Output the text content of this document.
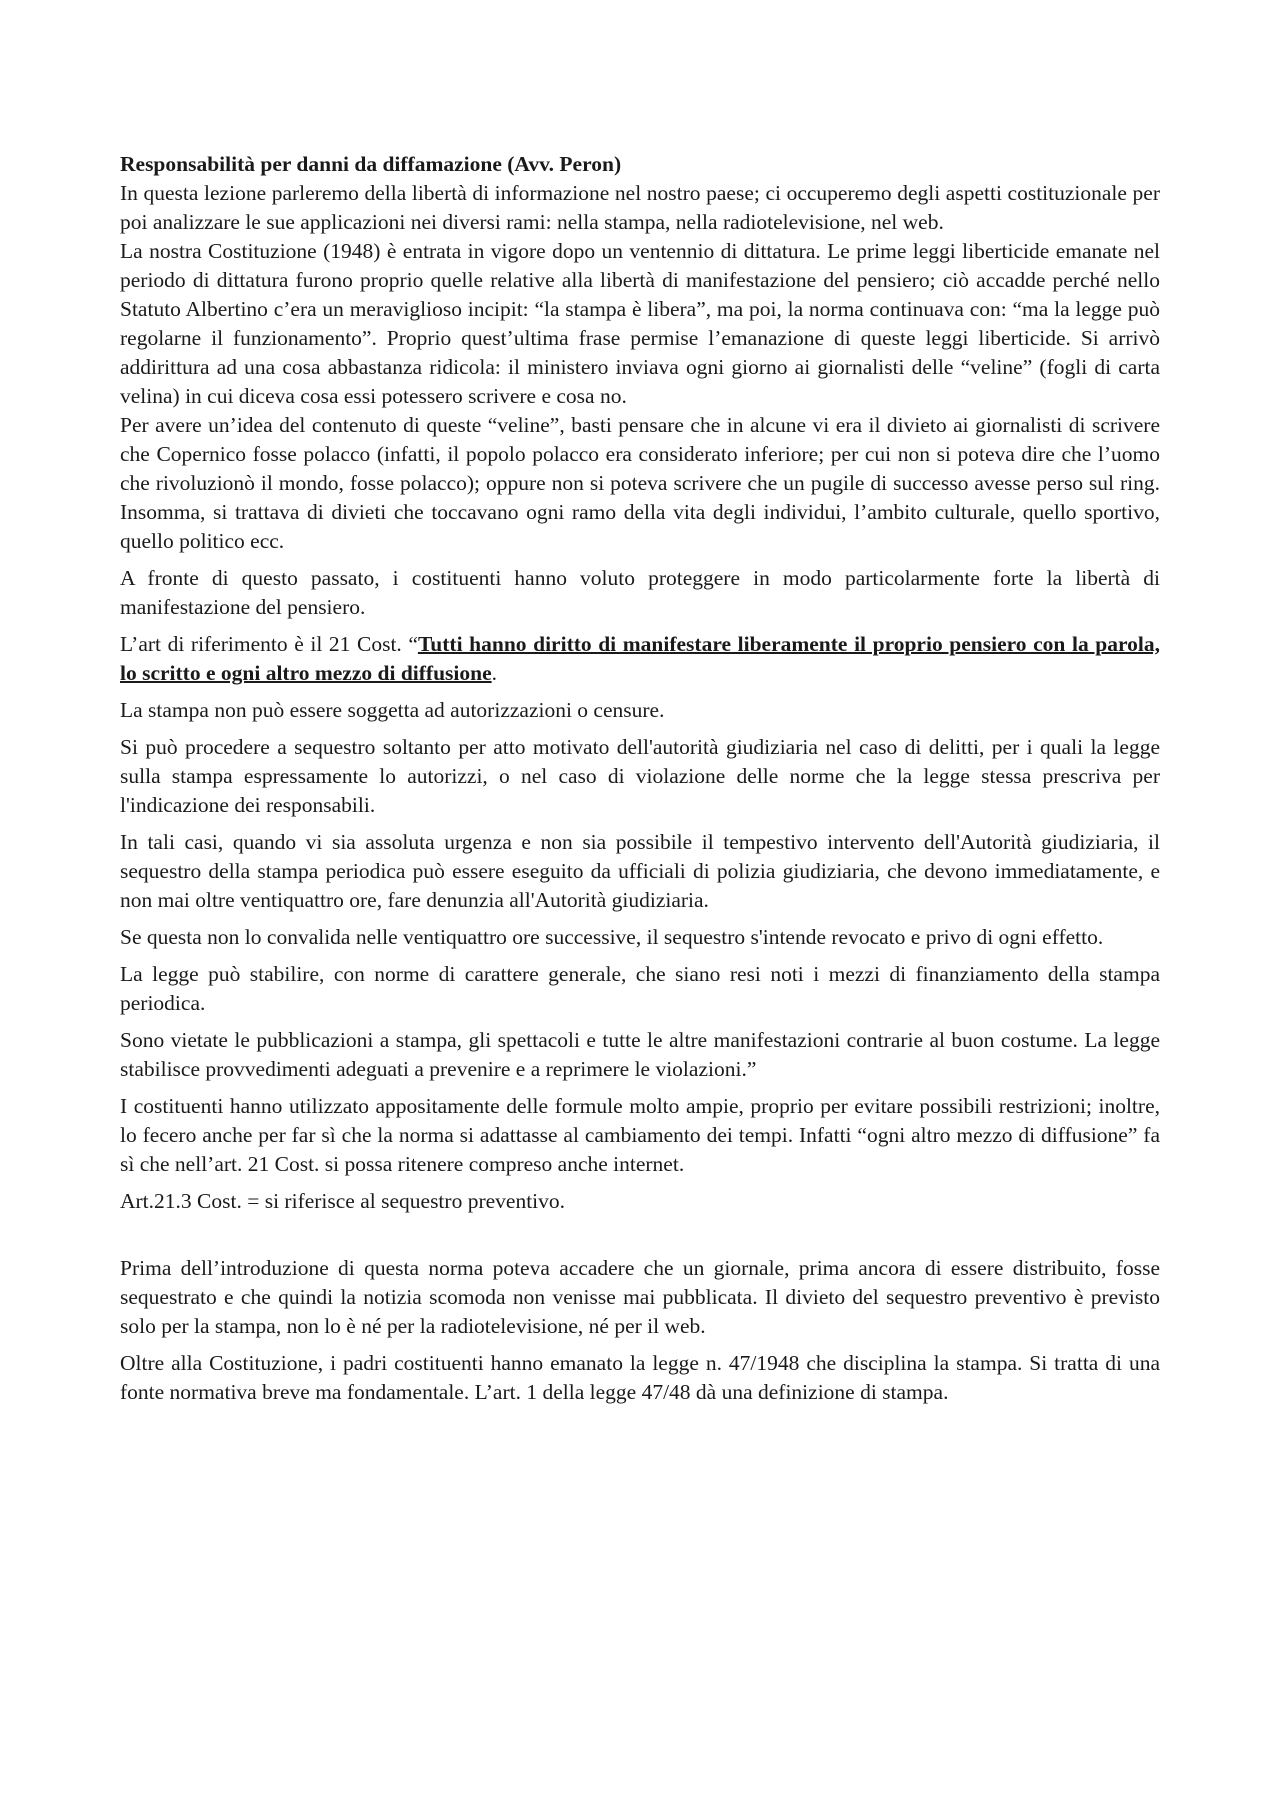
Responsabilità per danni da diffamazione (Avv. Peron)

In questa lezione parleremo della libertà di informazione nel nostro paese; ci occuperemo degli aspetti costituzionale per poi analizzare le sue applicazioni nei diversi rami: nella stampa, nella radiotelevisione, nel web.

La nostra Costituzione (1948) è entrata in vigore dopo un ventennio di dittatura. Le prime leggi liberticide emanate nel periodo di dittatura furono proprio quelle relative alla libertà di manifestazione del pensiero; ciò accadde perché nello Statuto Albertino c’era un meraviglioso incipit: “la stampa è libera”, ma poi, la norma continuava con: “ma la legge può regolarne il funzionamento”. Proprio quest’ultima frase permise l’emanazione di queste leggi liberticide. Si arrivò addirittura ad una cosa abbastanza ridicola: il ministero inviava ogni giorno ai giornalisti delle “veline” (fogli di carta velina) in cui diceva cosa essi potessero scrivere e cosa no.

Per avere un’idea del contenuto di queste “veline”, basti pensare che in alcune vi era il divieto ai giornalisti di scrivere che Copernico fosse polacco (infatti, il popolo polacco era considerato inferiore; per cui non si poteva dire che l’uomo che rivoluzionò il mondo, fosse polacco); oppure non si poteva scrivere che un pugile di successo avesse perso sul ring. Insomma, si trattava di divieti che toccavano ogni ramo della vita degli individui, l’ambito culturale, quello sportivo, quello politico ecc.

A fronte di questo passato, i costituenti hanno voluto proteggere in modo particolarmente forte la libertà di manifestazione del pensiero.

L’art di riferimento è il 21 Cost. “Tutti hanno diritto di manifestare liberamente il proprio pensiero con la parola, lo scritto e ogni altro mezzo di diffusione.

La stampa non può essere soggetta ad autorizzazioni o censure.

Si può procedere a sequestro soltanto per atto motivato dell'autorità giudiziaria nel caso di delitti, per i quali la legge sulla stampa espressamente lo autorizzi, o nel caso di violazione delle norme che la legge stessa prescriva per l'indicazione dei responsabili.

In tali casi, quando vi sia assoluta urgenza e non sia possibile il tempestivo intervento dell'Autorità giudiziaria, il sequestro della stampa periodica può essere eseguito da ufficiali di polizia giudiziaria, che devono immediatamente, e non mai oltre ventiquattro ore, fare denunzia all'Autorità giudiziaria.

Se questa non lo convalida nelle ventiquattro ore successive, il sequestro s'intende revocato e privo di ogni effetto.

La legge può stabilire, con norme di carattere generale, che siano resi noti i mezzi di finanziamento della stampa periodica.

Sono vietate le pubblicazioni a stampa, gli spettacoli e tutte le altre manifestazioni contrarie al buon costume. La legge stabilisce provvedimenti adeguati a prevenire e a reprimere le violazioni.”

I costituenti hanno utilizzato appositamente delle formule molto ampie, proprio per evitare possibili restrizioni; inoltre, lo fecero anche per far sì che la norma si adattasse al cambiamento dei tempi. Infatti “ogni altro mezzo di diffusione” fa sì che nell’art. 21 Cost. si possa ritenere compreso anche internet.

Art.21.3 Cost. = si riferisce al sequestro preventivo.

Prima dell’introduzione di questa norma poteva accadere che un giornale, prima ancora di essere distribuito, fosse sequestrato e che quindi la notizia scomoda non venisse mai pubblicata. Il divieto del sequestro preventivo è previsto solo per la stampa, non lo è né per la radiotelevisione, né per il web.

Oltre alla Costituzione, i padri costituenti hanno emanato la legge n. 47/1948 che disciplina la stampa. Si tratta di una fonte normativa breve ma fondamentale. L’art. 1 della legge 47/48 dà una definizione di stampa.
